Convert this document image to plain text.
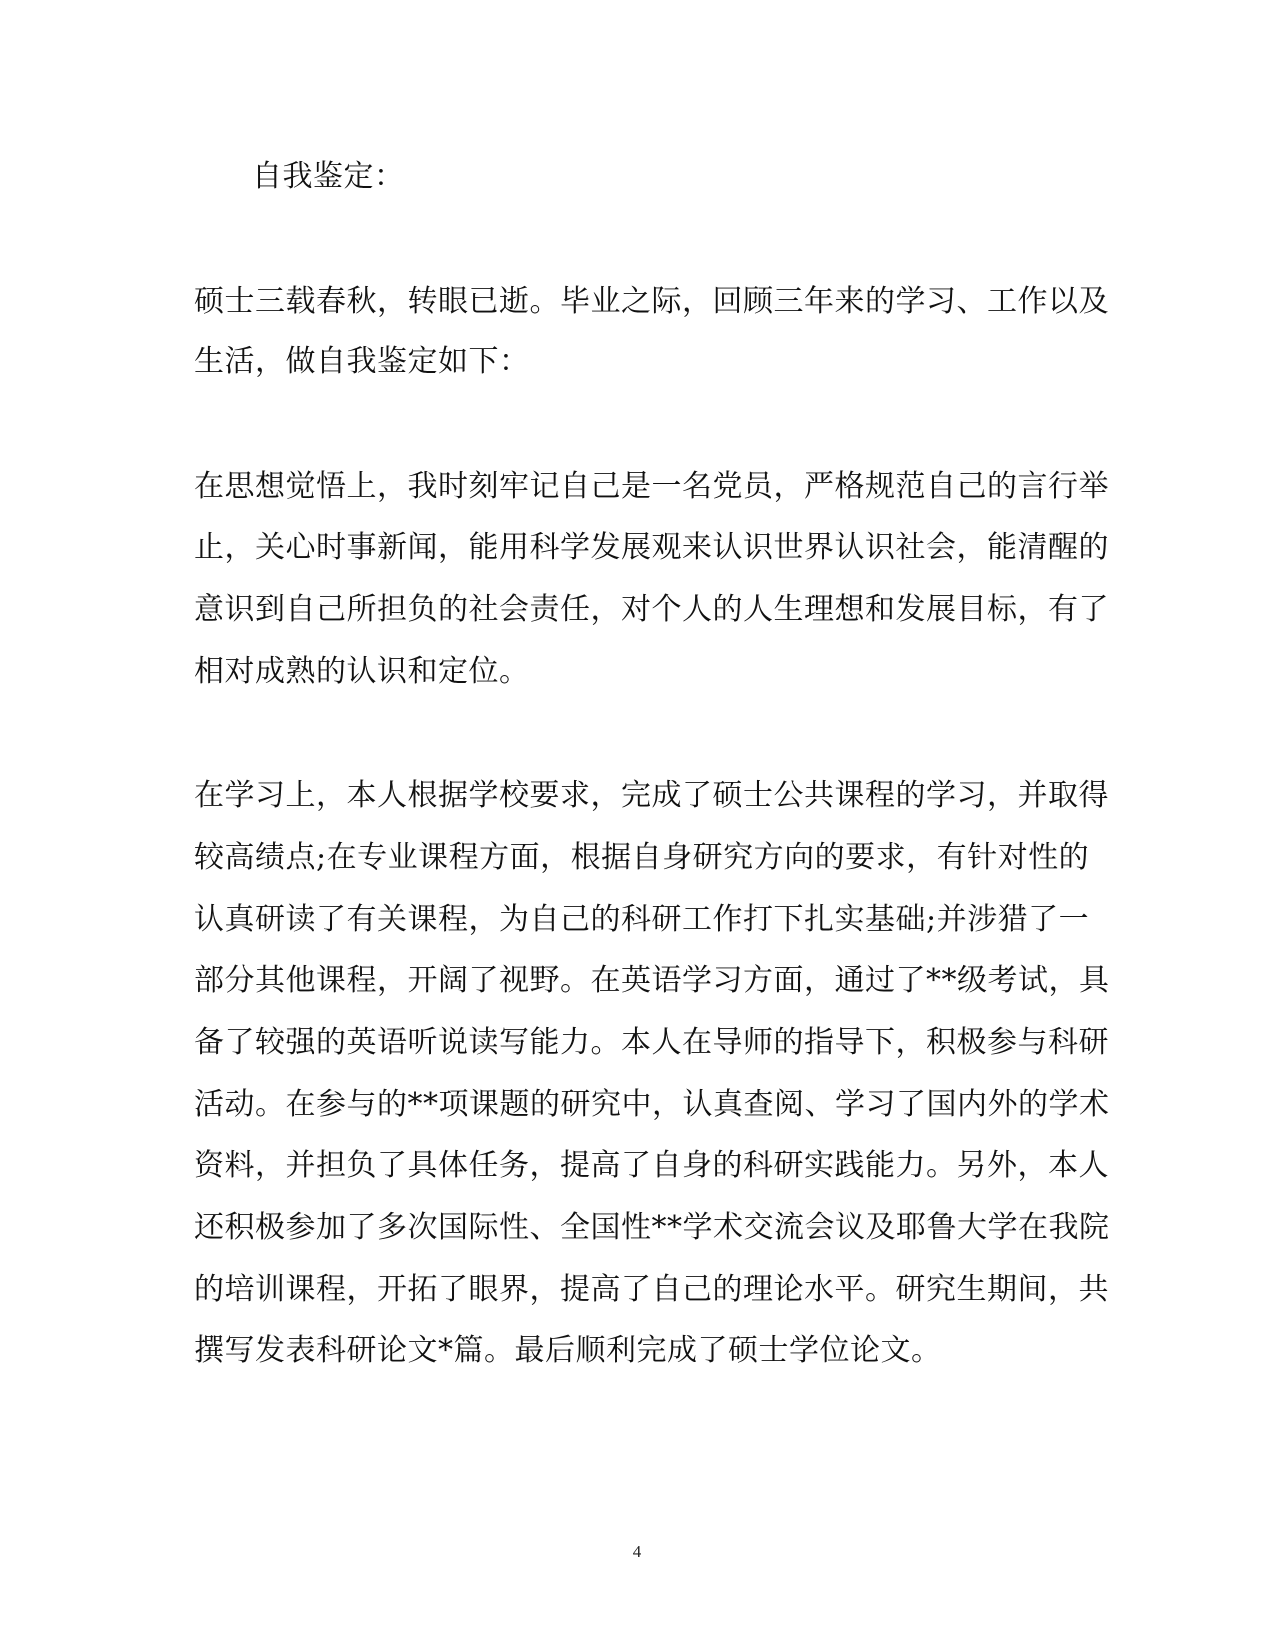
自我鉴定：
硕士三载春秋，转眼已逝。毕业之际，回顾三年来的学习、工作以及
生活，做自我鉴定如下：
在思想觉悟上，我时刻牢记自己是一名党员，严格规范自己的言行举
止，关心时事新闻，能用科学发展观来认识世界认识社会，能清醒的
意识到自己所担负的社会责任，对个人的人生理想和发展目标，有了
相对成熟的认识和定位。
在学习上，本人根据学校要求，完成了硕士公共课程的学习，并取得
较高绩点;在专业课程方面，根据自身研究方向的要求，有针对性的
认真研读了有关课程，为自己的科研工作打下扎实基础;并涉猎了一
部分其他课程，开阔了视野。在英语学习方面，通过了**级考试，具
备了较强的英语听说读写能力。本人在导师的指导下，积极参与科研
活动。在参与的**项课题的研究中，认真查阅、学习了国内外的学术
资料，并担负了具体任务，提高了自身的科研实践能力。另外，本人
还积极参加了多次国际性、全国性**学术交流会议及耶鲁大学在我院
的培训课程，开拓了眼界，提高了自己的理论水平。研究生期间，共
撰写发表科研论文*篇。最后顺利完成了硕士学位论文。
4
